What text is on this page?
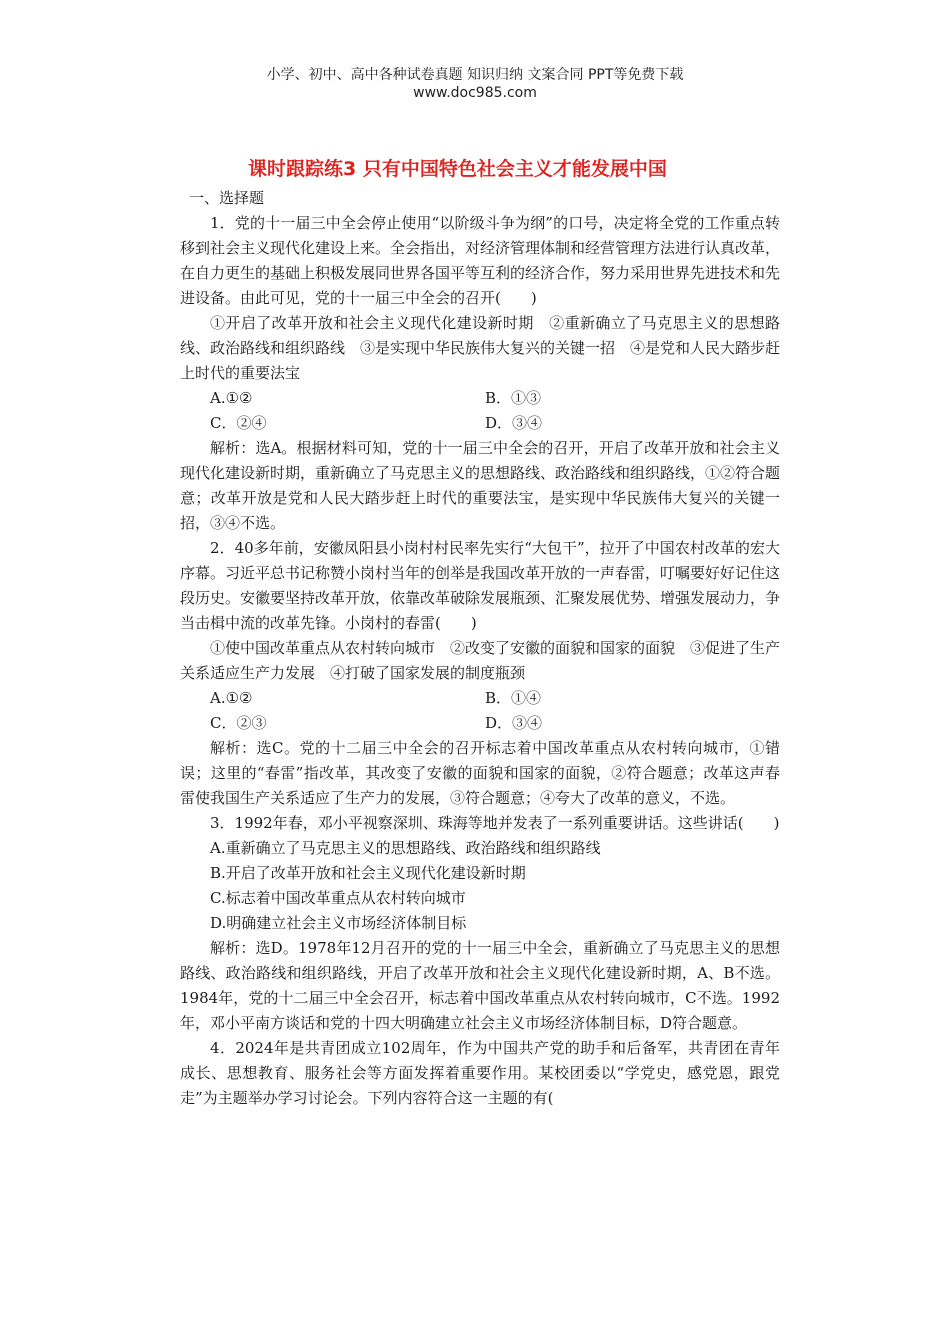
小学、初中、高中各种试卷真题 知识归纳 文案合同 PPT等免费下载
www.doc985.com
课时跟踪练3 只有中国特色社会主义才能发展中国

一、选择题

1．党的十一届三中全会停止使用“以阶级斗争为纲”的口号，决定将全党的工作重点转移到社会主义现代化建设上来。全会指出，对经济管理体制和经营管理方法进行认真改革，在自力更生的基础上积极发展同世界各国平等互利的经济合作，努力采用世界先进技术和先进设备。由此可见，党的十一届三中全会的召开(　　)

①开启了改革开放和社会主义现代化建设新时期　②重新确立了马克思主义的思想路线、政治路线和组织路线　③是实现中华民族伟大复兴的关键一招　④是党和人民大踏步赶上时代的重要法宝

A.①②	B．①③
C．②④	D．③④

解析：选A。根据材料可知，党的十一届三中全会的召开，开启了改革开放和社会主义现代化建设新时期，重新确立了马克思主义的思想路线、政治路线和组织路线，①②符合题意；改革开放是党和人民大踏步赶上时代的重要法宝，是实现中华民族伟大复兴的关键一招，③④不选。

2．40多年前，安徽凤阳县小岗村村民率先实行“大包干”，拉开了中国农村改革的宏大序幕。习近平总书记称赞小岗村当年的创举是我国改革开放的一声春雷，叮嘱要好好记住这段历史。安徽要坚持改革开放，依靠改革破除发展瓶颈、汇聚发展优势、增强发展动力，争当击楫中流的改革先锋。小岗村的春雷(　　)

①使中国改革重点从农村转向城市　②改变了安徽的面貌和国家的面貌　③促进了生产关系适应生产力发展　④打破了国家发展的制度瓶颈

A.①②	B．①④
C．②③	D．③④

解析：选C。党的十二届三中全会的召开标志着中国改革重点从农村转向城市，①错误；这里的“春雷”指改革，其改变了安徽的面貌和国家的面貌，②符合题意；改革这声春雷使我国生产关系适应了生产力的发展，③符合题意；④夸大了改革的意义，不选。

3．1992年春，邓小平视察深圳、珠海等地并发表了一系列重要讲话。这些讲话(　　)

A.重新确立了马克思主义的思想路线、政治路线和组织路线

B.开启了改革开放和社会主义现代化建设新时期

C.标志着中国改革重点从农村转向城市

D.明确建立社会主义市场经济体制目标

解析：选D。1978年12月召开的党的十一届三中全会，重新确立了马克思主义的思想路线、政治路线和组织路线，开启了改革开放和社会主义现代化建设新时期，A、B不选。1984年，党的十二届三中全会召开，标志着中国改革重点从农村转向城市，C不选。1992年，邓小平南方谈话和党的十四大明确建立社会主义市场经济体制目标，D符合题意。

4．2024年是共青团成立102周年，作为中国共产党的助手和后备军，共青团在青年成长、思想教育、服务社会等方面发挥着重要作用。某校团委以“学党史，感党恩，跟党走”为主题举办学习讨论会。下列内容符合这一主题的有(
